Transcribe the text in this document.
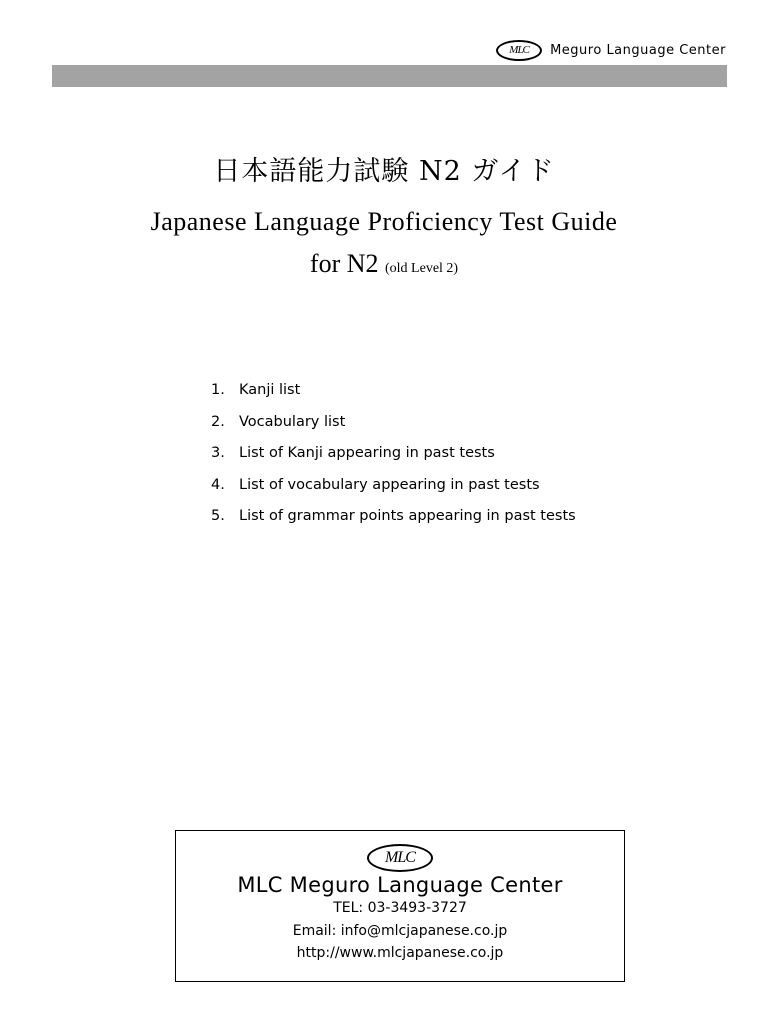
MLC	Meguro Language Center
日本語能力試験 N2 ガイド
Japanese Language Proficiency Test Guide
for N2 (old Level 2)
1. Kanji list
2. Vocabulary list
3. List of Kanji appearing in past tests
4. List of vocabulary appearing in past tests
5. List of grammar points appearing in past tests
MLC
MLC Meguro Language Center
TEL: 03-3493-3727
Email: info@mlcjapanese.co.jp
http://www.mlcjapanese.co.jp
